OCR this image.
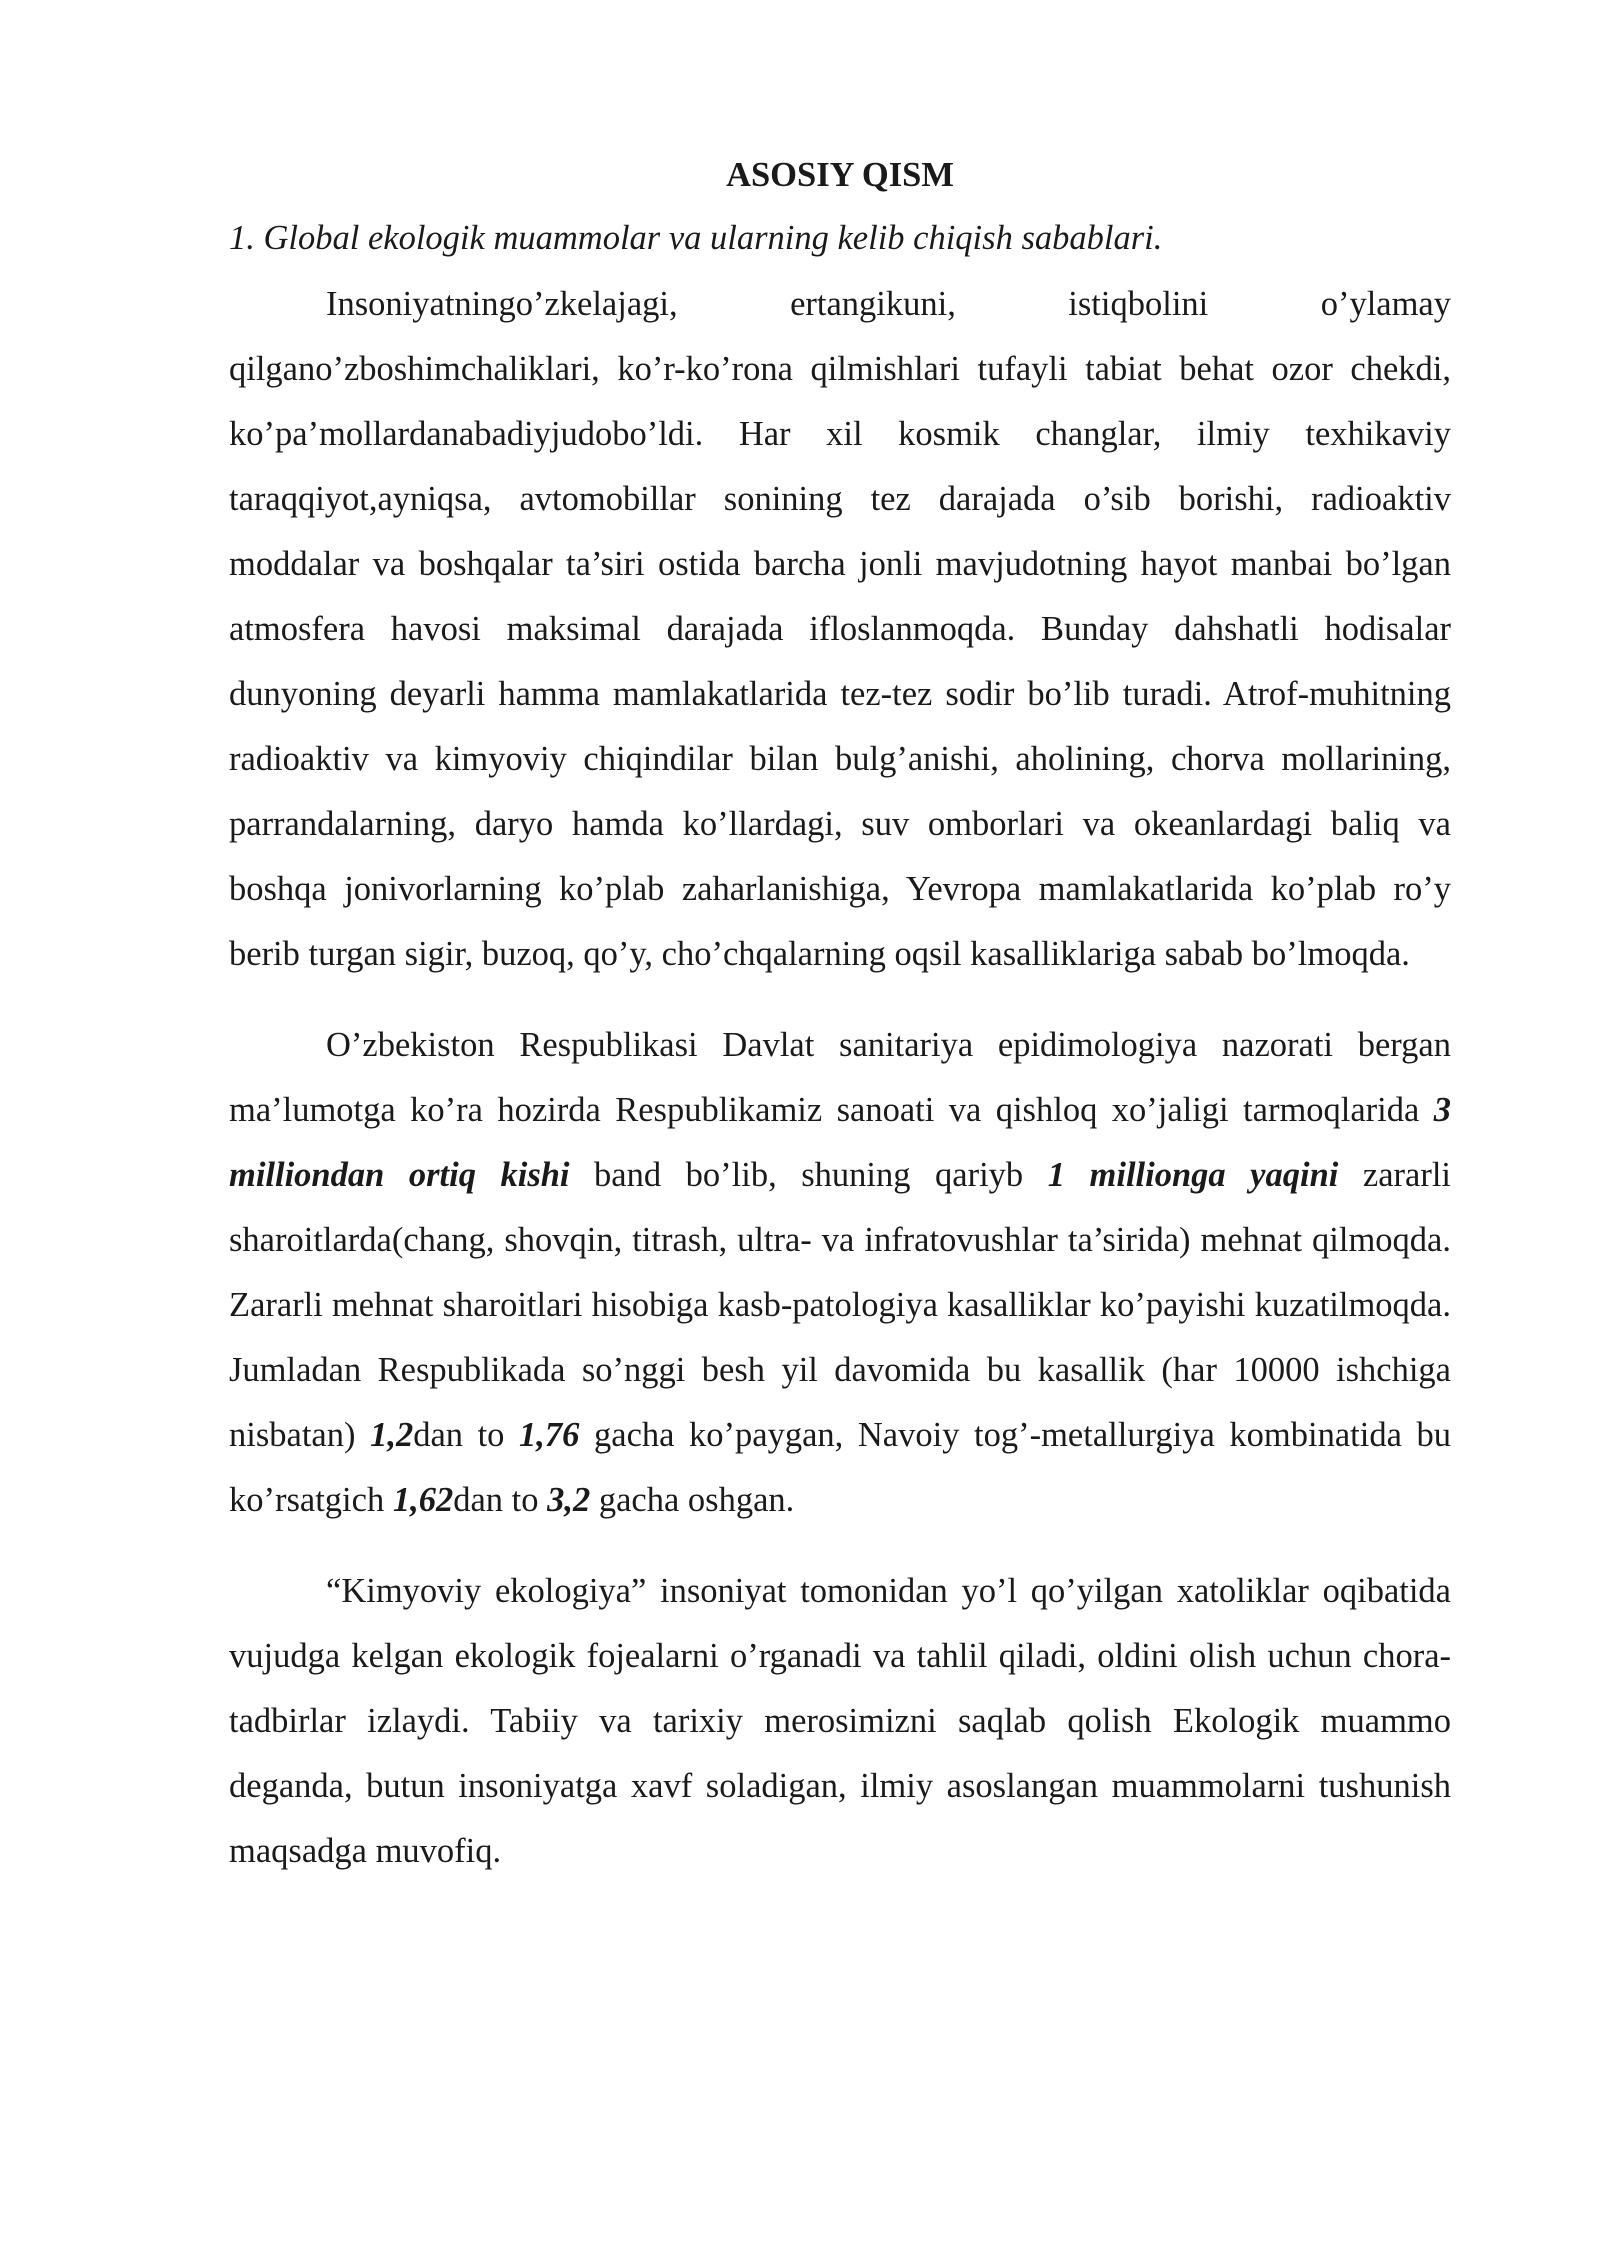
ASOSIY QISM

1. Global ekologik muammolar va ularning kelib chiqish sabablari.

Insoniyatningo’zkelajagi, ertangikuni, istiqbolini o’ylamay qilgano’zboshimchaliklari, ko’r-ko’rona qilmishlari tufayli tabiat behat ozor chekdi, ko’pa’mollardanabadiyjudobo’ldi. Har xil kosmik changlar, ilmiy texhikaviy taraqqiyot,ayniqsa, avtomobillar sonining tez darajada o’sib borishi, radioaktiv moddalar va boshqalar ta’siri ostida barcha jonli mavjudotning hayot manbai bo’lgan atmosfera havosi maksimal darajada ifloslanmoqda. Bunday dahshatli hodisalar dunyoning deyarli hamma mamlakatlarida tez-tez sodir bo’lib turadi. Atrof-muhitning radioaktiv va kimyoviy chiqindilar bilan bulg’anishi, aholining, chorva mollarining, parrandalarning, daryo hamda ko’llardagi, suv omborlari va okeanlardagi baliq va boshqa jonivorlarning ko’plab zaharlanishiga, Yevropa mamlakatlarida ko’plab ro’y berib turgan sigir, buzoq, qo’y, cho’chqalarning oqsil kasalliklariga sabab bo’lmoqda.

O’zbekiston Respublikasi Davlat sanitariya epidimologiya nazorati bergan ma’lumotga ko’ra hozirda Respublikamiz sanoati va qishloq xo’jaligi tarmoqlarida 3 milliondan ortiq kishi band bo’lib, shuning qariyb 1 millionga yaqini zararli sharoitlarda(chang, shovqin, titrash, ultra- va infratovushlar ta’sirida) mehnat qilmoqda. Zararli mehnat sharoitlari hisobiga kasb-patologiya kasalliklar ko’payishi kuzatilmoqda. Jumladan Respublikada so’nggi besh yil davomida bu kasallik (har 10000 ishchiga nisbatan) 1,2dan to 1,76 gacha ko’paygan, Navoiy tog’-metallurgiya kombinatida bu ko’rsatgich 1,62dan to 3,2 gacha oshgan.

“Kimyoviy ekologiya” insoniyat tomonidan yo’l qo’yilgan xatoliklar oqibatida vujudga kelgan ekologik fojealarni o’rganadi va tahlil qiladi, oldini olish uchun chora-tadbirlar izlaydi. Tabiiy va tarixiy merosimizni saqlab qolish Ekologik muammo deganda, butun insoniyatga xavf soladigan, ilmiy asoslangan muammolarni tushunish maqsadga muvofiq.
